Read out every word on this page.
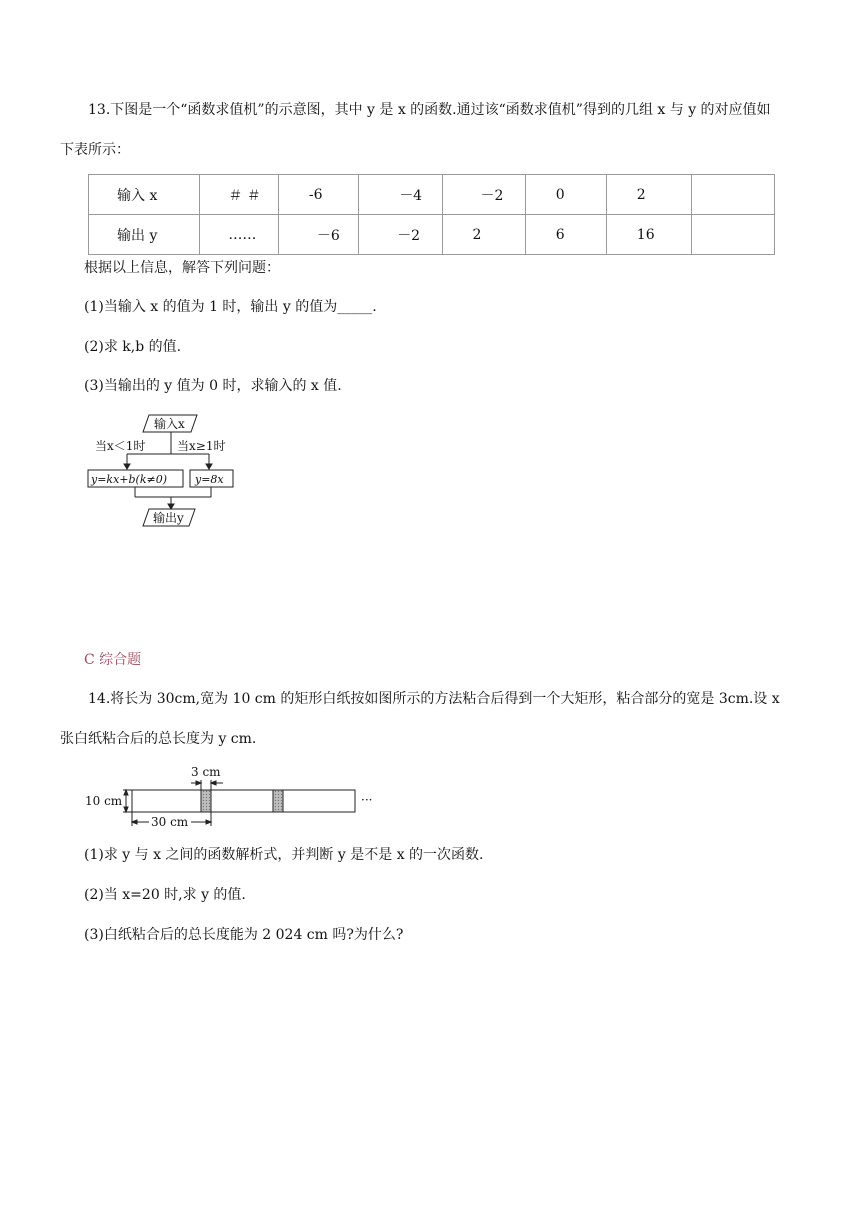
13.下图是一个“函数求值机”的示意图，其中 y 是 x 的函数.通过该“函数求值机”得到的几组 x 与 y 的对应值如
下表所示：
输入 x	＃ ＃	-6	－4	－2	0	2	

输出 y	……	－6	－2	2	6	16	

根据以上信息，解答下列问题：
(1)当输入 x 的值为 1 时，输出 y 的值为_____.
(2)求 k,b 的值.
(3)当输出的 y 值为 0 时，求输入的 x 值.
输入x
当x＜1时	当x≥1时
y=kx+b(k≠0)	y=8x
输出y
C 综合题
14.将长为 30cm,宽为 10 cm 的矩形白纸按如图所示的方法粘合后得到一个大矩形，粘合部分的宽是 3cm.设 x
张白纸粘合后的总长度为 y cm.
3 cm
10 cm
30 cm
···
(1)求 y 与 x 之间的函数解析式，并判断 y 是不是 x 的一次函数.
(2)当 x=20 时,求 y 的值.
(3)白纸粘合后的总长度能为 2 024 cm 吗?为什么?
